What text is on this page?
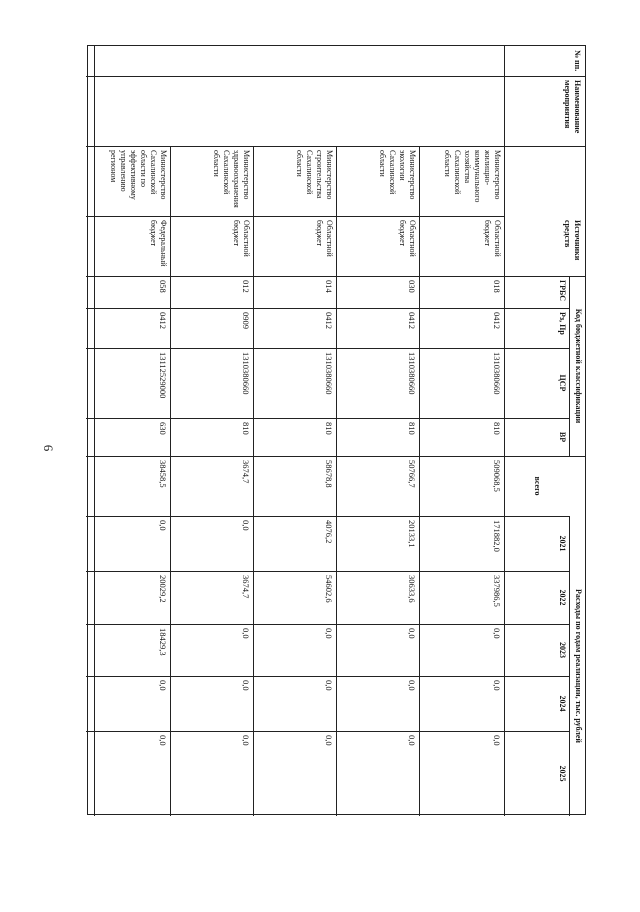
6
№ пп.
Наименование мероприятия
Источники средств
Код бюджетной классификации
ГРБС
Рз, Пр
ЦСР
ВР
Расходы по годам реализации, тыс. рублей
всего
2021
2022
2023
2024
2025
Министерство жилищно-коммунального хозяйства Сахалинской области
Областной бюджет
018
0412
1310380660
810
509068,5
171882,0
337986,5
0,0
0,0
0,0
Министерство экологии Сахалинской области
Областной бюджет
030
0412
1310380660
810
50766,7
20133,1
30633,6
0,0
0,0
0,0
Министерство строительства Сахалинской области
Областной бюджет
014
0412
1310380660
810
58678,8
4076,2
54602,6
0,0
0,0
0,0
Министерство здравоохранения Сахалинской области
Областной бюджет
012
0909
1310380660
810
3674,7
0,0
3674,7
0,0
0,0
0,0
Министерство Сахалинской области по эффективному управлению регионом
Федеральный бюджет
058
0412
13112529000
630
38458,5
0,0
20029,2
18429,3
0,0
0,0
